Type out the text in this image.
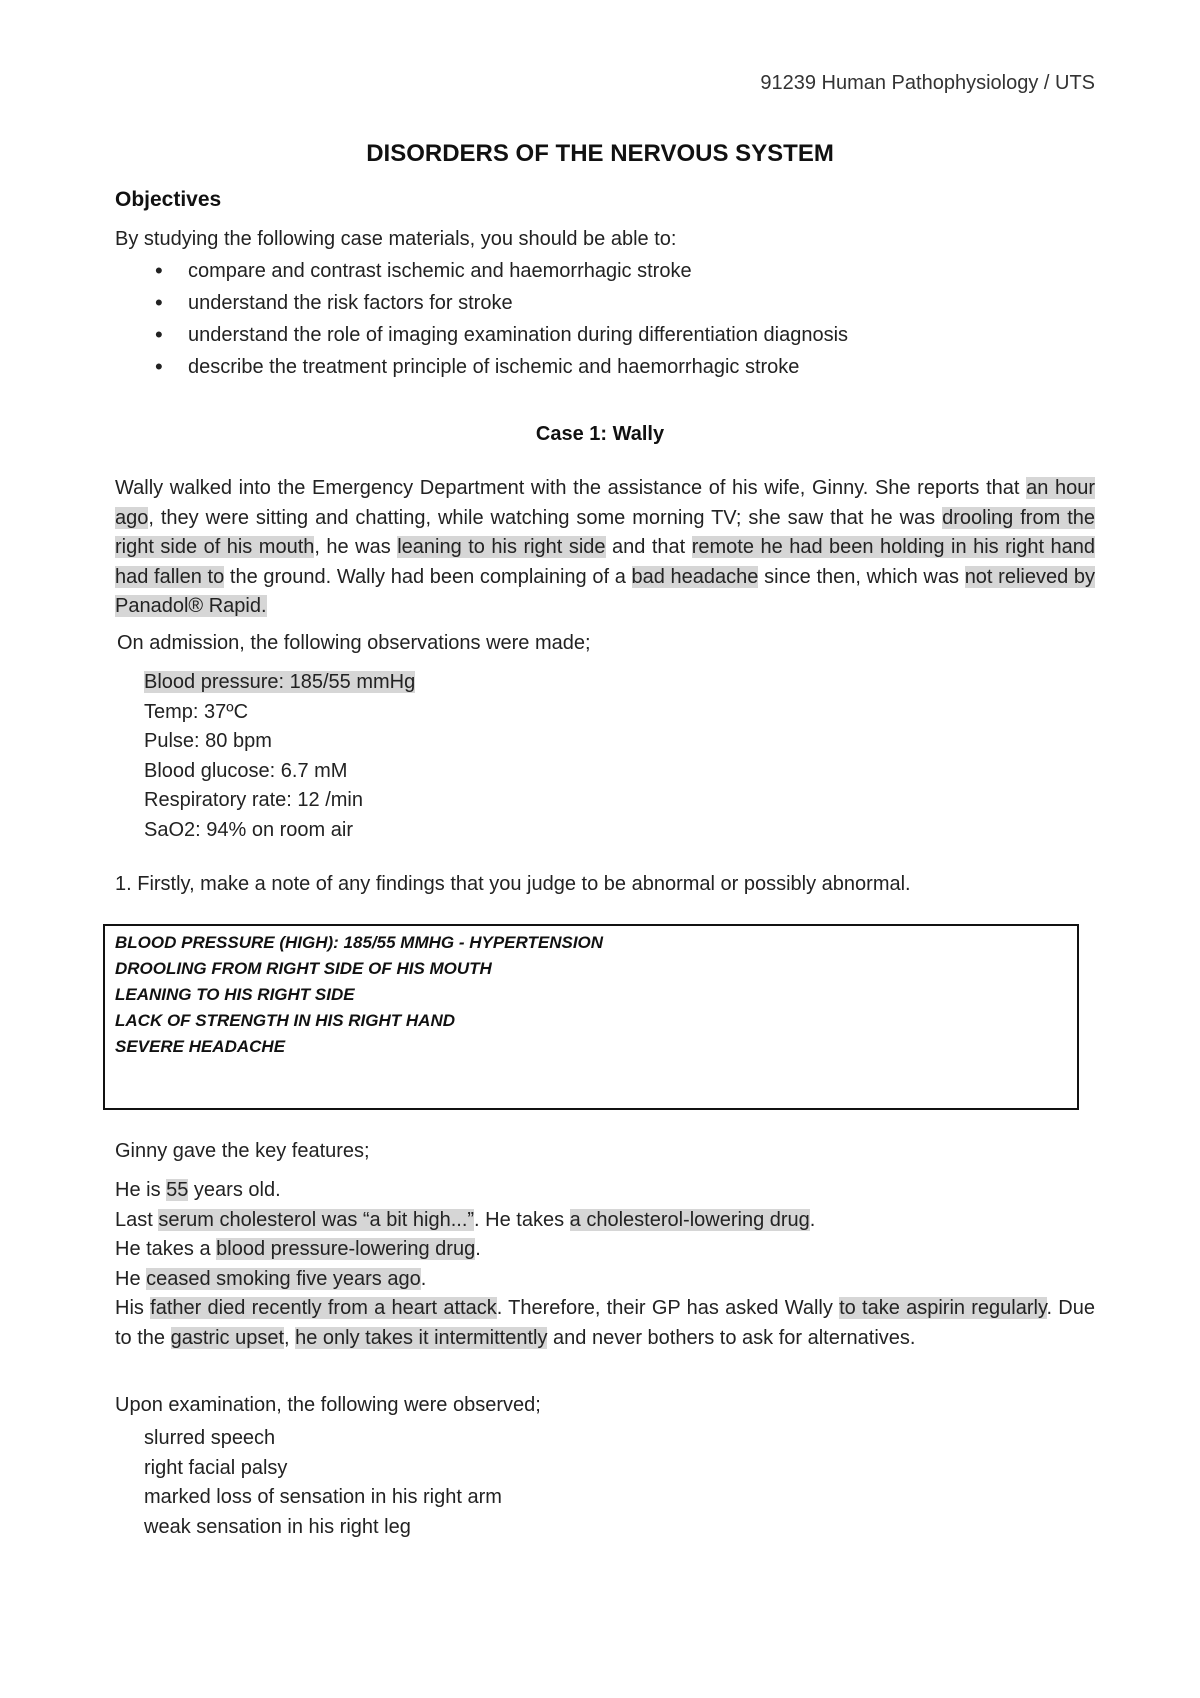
91239 Human Pathophysiology / UTS
DISORDERS OF THE NERVOUS SYSTEM
Objectives
By studying the following case materials, you should be able to:
• compare and contrast ischemic and haemorrhagic stroke
• understand the risk factors for stroke
• understand the role of imaging examination during differentiation diagnosis
• describe the treatment principle of ischemic and haemorrhagic stroke
Case 1: Wally
Wally walked into the Emergency Department with the assistance of his wife, Ginny. She reports that an hour ago, they were sitting and chatting, while watching some morning TV; she saw that he was drooling from the right side of his mouth, he was leaning to his right side and that remote he had been holding in his right hand had fallen to the ground. Wally had been complaining of a bad headache since then, which was not relieved by Panadol® Rapid.
On admission, the following observations were made;
Blood pressure: 185/55 mmHg
Temp: 37ºC
Pulse: 80 bpm
Blood glucose: 6.7 mM
Respiratory rate: 12 /min
SaO2: 94% on room air
1. Firstly, make a note of any findings that you judge to be abnormal or possibly abnormal.
BLOOD PRESSURE (HIGH): 185/55 MMHG - HYPERTENSION
DROOLING FROM RIGHT SIDE OF HIS MOUTH
LEANING TO HIS RIGHT SIDE
LACK OF STRENGTH IN HIS RIGHT HAND
SEVERE HEADACHE
Ginny gave the key features;
He is 55 years old.
Last serum cholesterol was “a bit high...”. He takes a cholesterol-lowering drug.
He takes a blood pressure-lowering drug.
He ceased smoking five years ago.
His father died recently from a heart attack. Therefore, their GP has asked Wally to take aspirin regularly. Due to the gastric upset, he only takes it intermittently and never bothers to ask for alternatives.
Upon examination, the following were observed;
slurred speech
right facial palsy
marked loss of sensation in his right arm
weak sensation in his right leg
